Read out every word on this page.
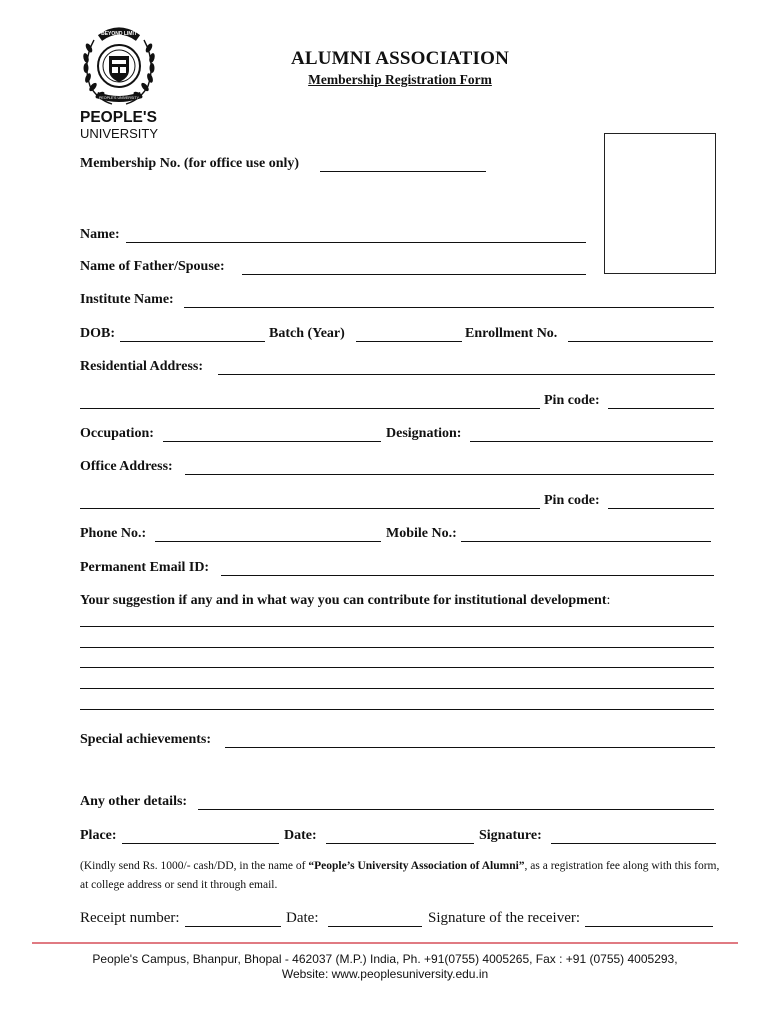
BEYOND LIMIT
PEOPLE'S UNIVERSITY
PEOPLE'S
UNIVERSITY
ALUMNI ASSOCIATION
Membership Registration Form
Membership No. (for office use only)
Name:
Name of Father/Spouse:
Institute Name:
DOB:	Batch (Year)	Enrollment No.
Residential Address:
Pin code:
Occupation:	Designation:
Office Address:
Pin code:
Phone No.:	Mobile No.:
Permanent Email ID:
Your suggestion if any and in what way you can contribute for institutional development:
Special achievements:
Any other details:
Place:	Date:	Signature:
(Kindly send Rs. 1000/- cash/DD, in the name of “People’s University Association of Alumni”, as a registration fee along with this form, at college address or send it through email.
Receipt number:	Date:	Signature of the receiver:
People's Campus, Bhanpur, Bhopal - 462037 (M.P.) India, Ph. +91(0755) 4005265, Fax : +91 (0755) 4005293,
Website: www.peoplesuniversity.edu.in
